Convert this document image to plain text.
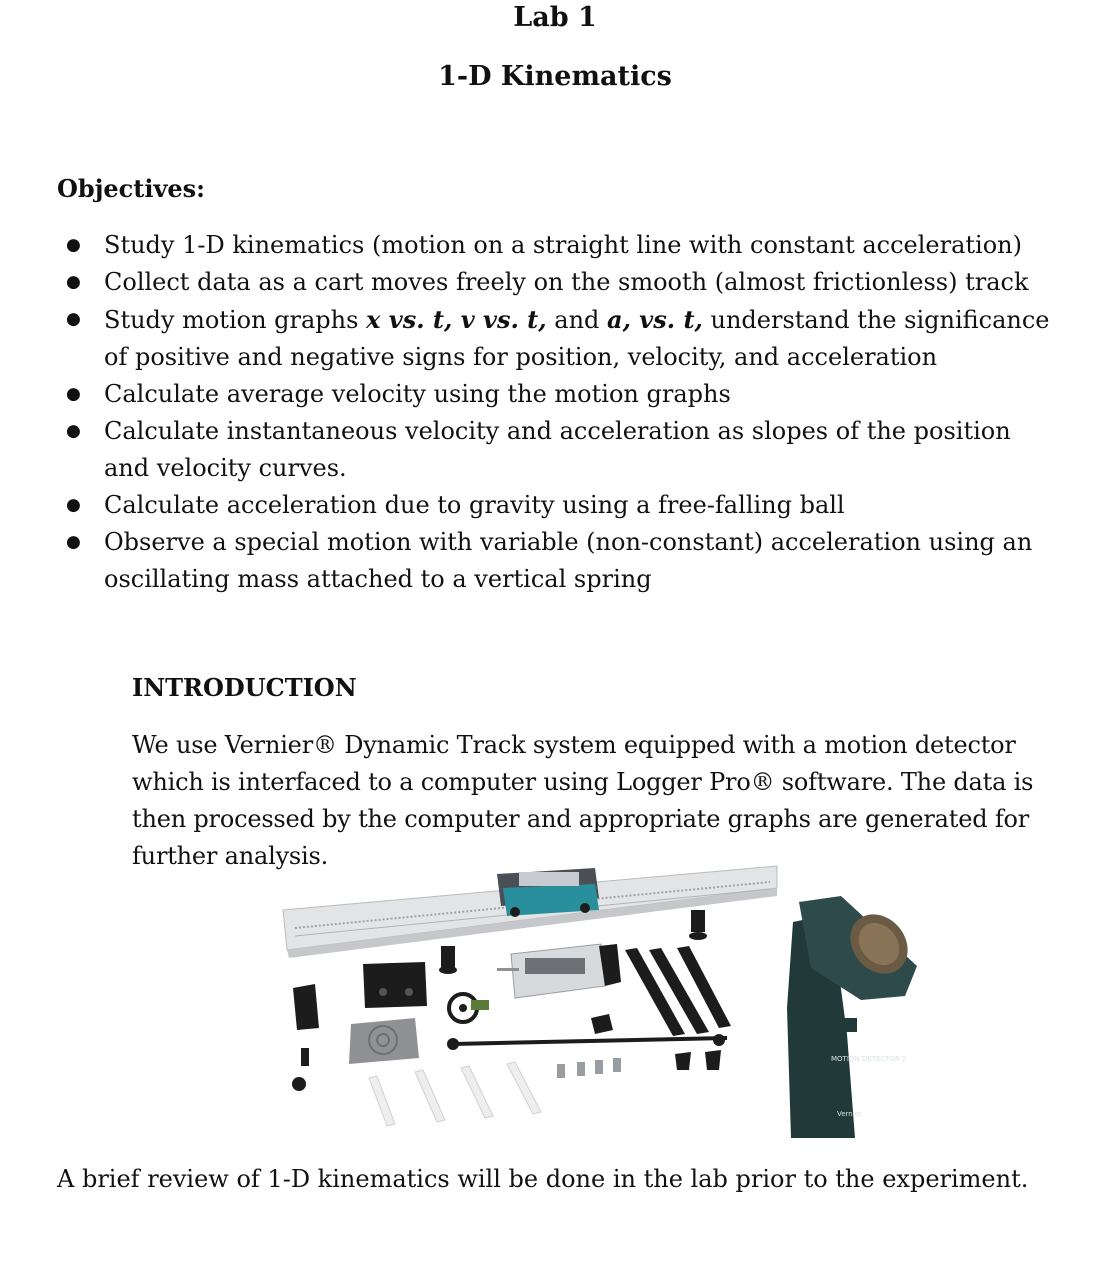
Lab 1
1-D Kinematics
Objectives:
● Study 1-D kinematics (motion on a straight line with constant acceleration)
● Collect data as a cart moves freely on the smooth (almost frictionless) track
● Study motion graphs x vs. t, v vs. t, and a, vs. t, understand the significance of positive and negative signs for position, velocity, and acceleration
● Calculate average velocity using the motion graphs
● Calculate instantaneous velocity and acceleration as slopes of the position and velocity curves.
● Calculate acceleration due to gravity using a free-falling ball
● Observe a special motion with variable (non-constant) acceleration using an oscillating mass attached to a vertical spring
INTRODUCTION

We use Vernier® Dynamic Track system equipped with a motion detector which is interfaced to a computer using Logger Pro® software. The data is then processed by the computer and appropriate graphs are generated for further analysis.

MOTION DETECTOR 2
Vernier

A brief review of 1-D kinematics will be done in the lab prior to the experiment.
